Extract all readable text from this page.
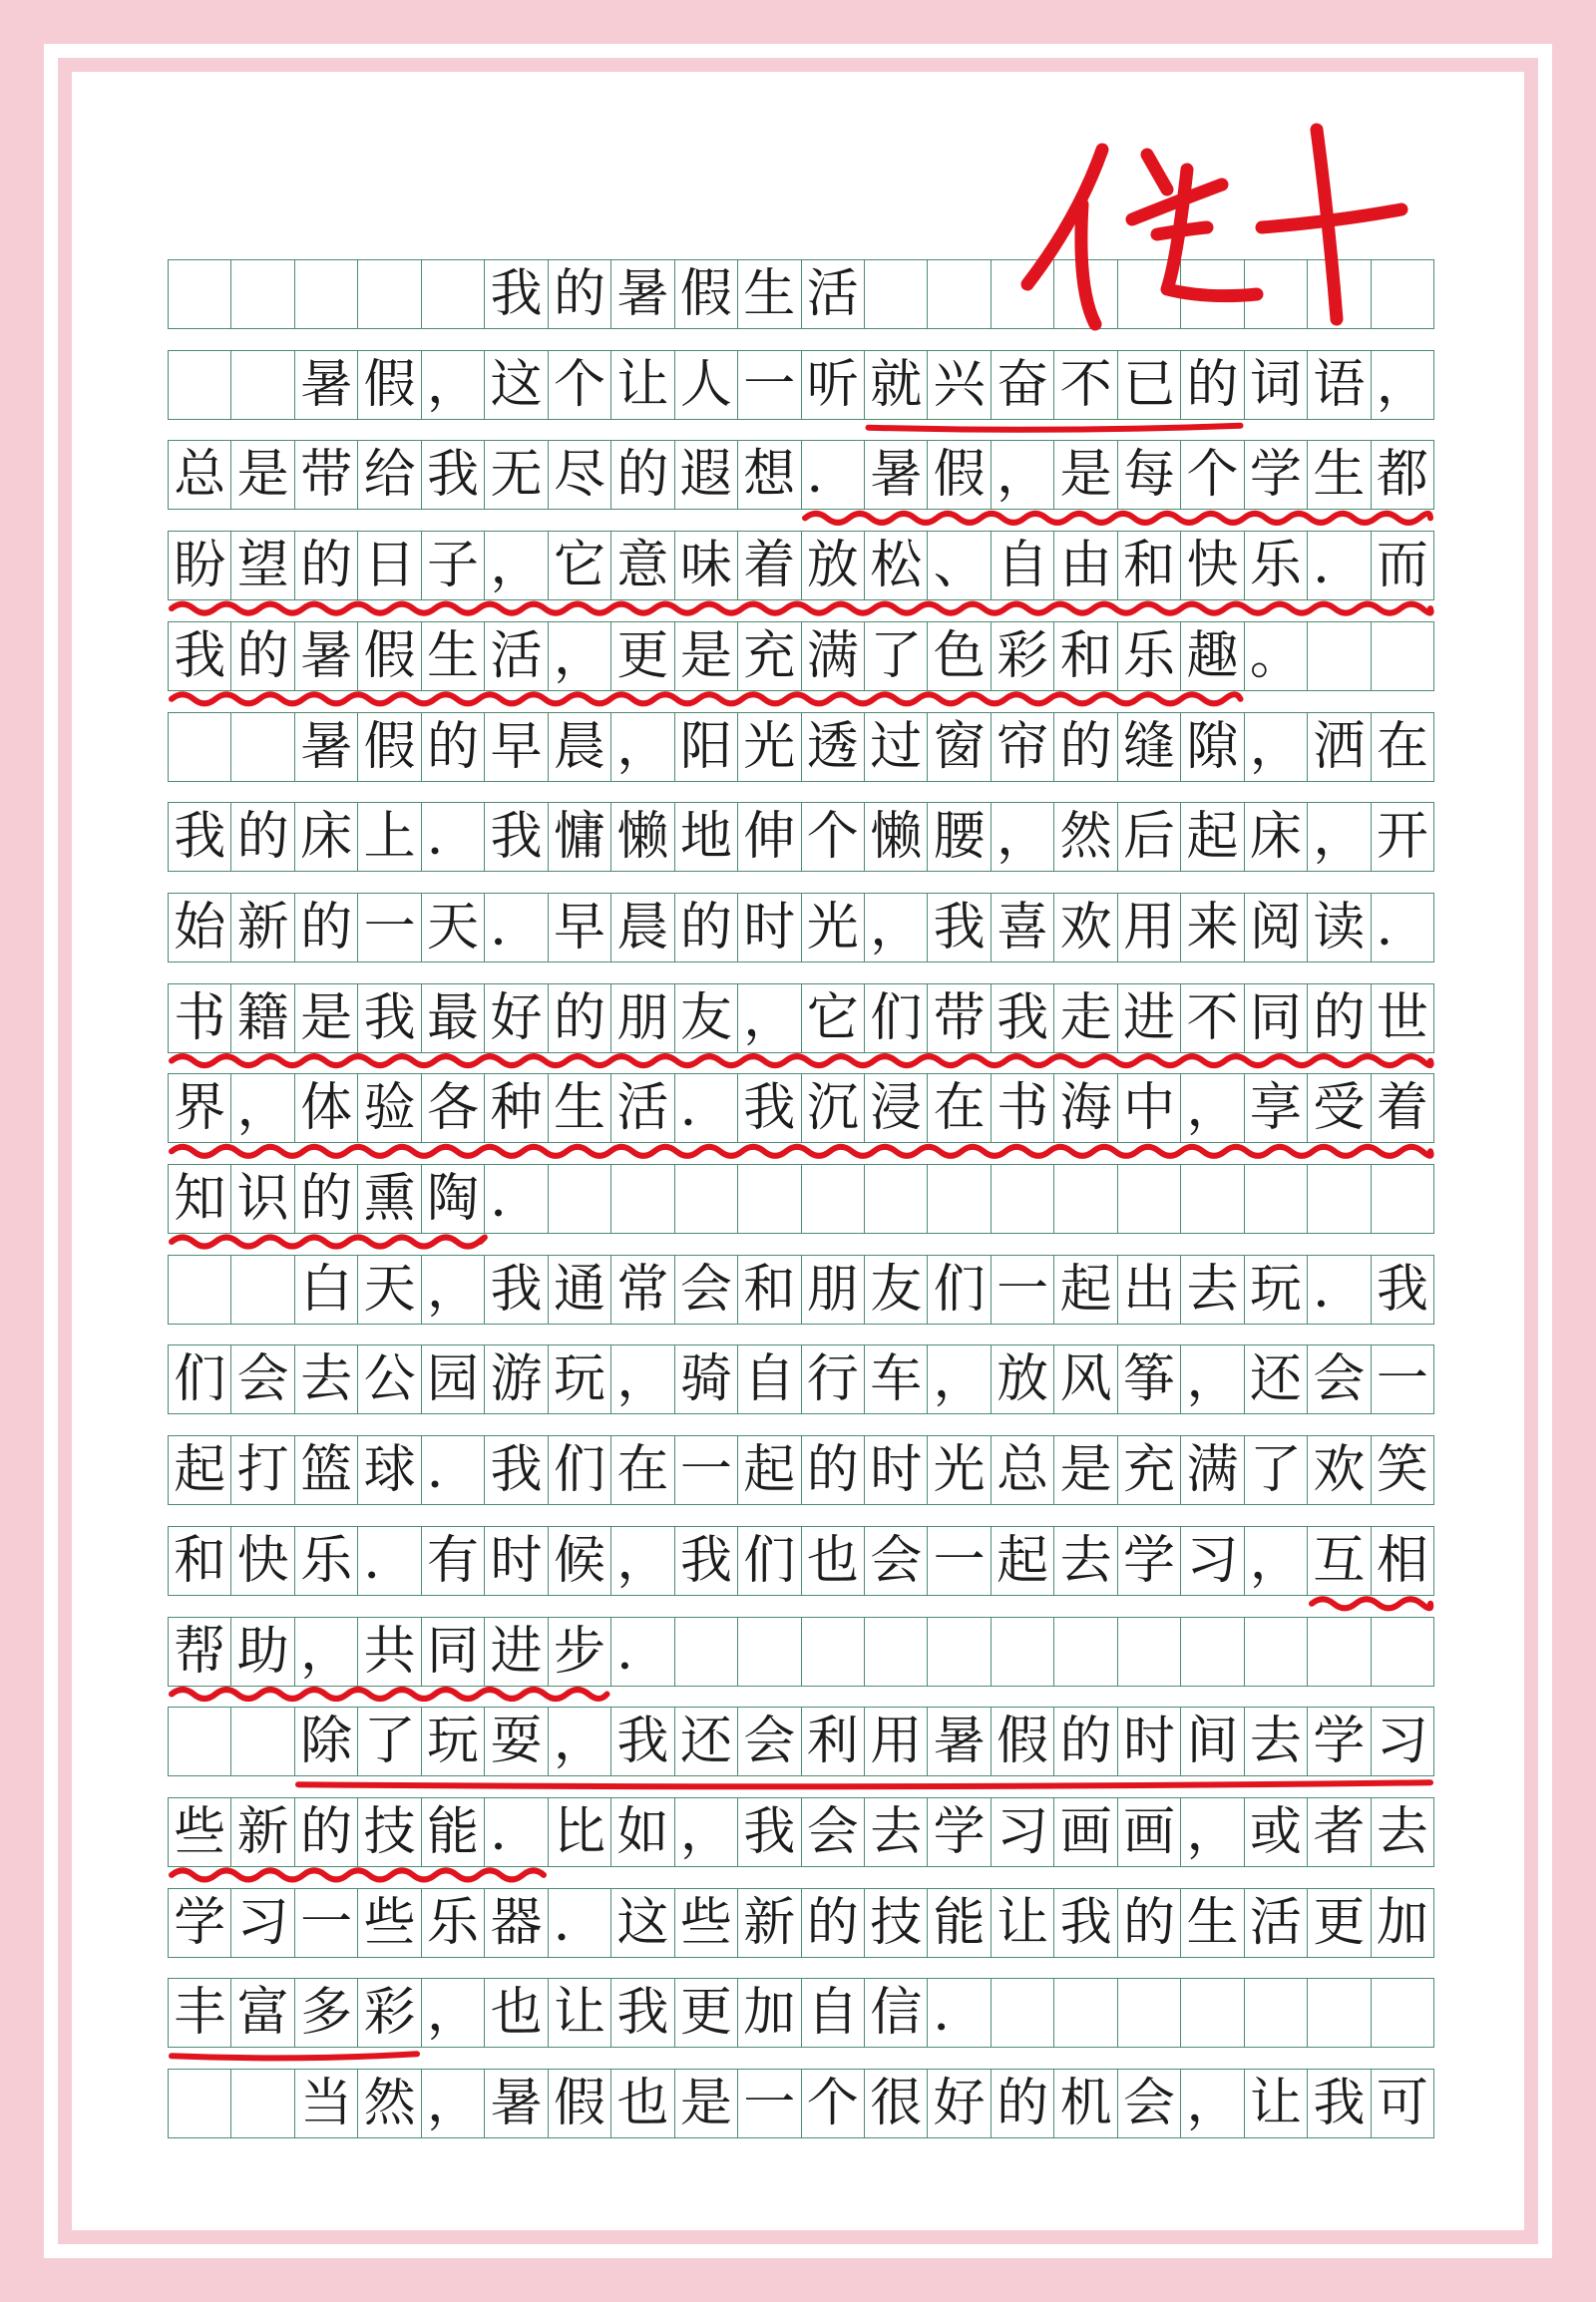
我 的 暑 假 生 活
暑 假 ， 这 个 让 人 一 听 就 兴 奋 不 已 的 词 语 ，
总 是 带 给 我 无 尽 的 遐 想 ． 暑 假 ， 是 每 个 学 生 都
盼 望 的 日 子 ， 它 意 味 着 放 松 、 自 由 和 快 乐 ． 而
我 的 暑 假 生 活 ， 更 是 充 满 了 色 彩 和 乐 趣 。
暑 假 的 早 晨 ， 阳 光 透 过 窗 帘 的 缝 隙 ， 洒 在
我 的 床 上 ． 我 慵 懒 地 伸 个 懒 腰 ， 然 后 起 床 ， 开
始 新 的 一 天 ． 早 晨 的 时 光 ， 我 喜 欢 用 来 阅 读 ．
书 籍 是 我 最 好 的 朋 友 ， 它 们 带 我 走 进 不 同 的 世
界 ， 体 验 各 种 生 活 ． 我 沉 浸 在 书 海 中 ， 享 受 着
知 识 的 熏 陶 ．
白 天 ， 我 通 常 会 和 朋 友 们 一 起 出 去 玩 ． 我
们 会 去 公 园 游 玩 ， 骑 自 行 车 ， 放 风 筝 ， 还 会 一
起 打 篮 球 ． 我 们 在 一 起 的 时 光 总 是 充 满 了 欢 笑
和 快 乐 ． 有 时 候 ， 我 们 也 会 一 起 去 学 习 ， 互 相
帮 助 ， 共 同 进 步 ．
除 了 玩 耍 ， 我 还 会 利 用 暑 假 的 时 间 去 学 习
些 新 的 技 能 ． 比 如 ， 我 会 去 学 习 画 画 ， 或 者 去
学 习 一 些 乐 器 ． 这 些 新 的 技 能 让 我 的 生 活 更 加
丰 富 多 彩 ， 也 让 我 更 加 自 信 ．
当 然 ， 暑 假 也 是 一 个 很 好 的 机 会 ， 让 我 可
